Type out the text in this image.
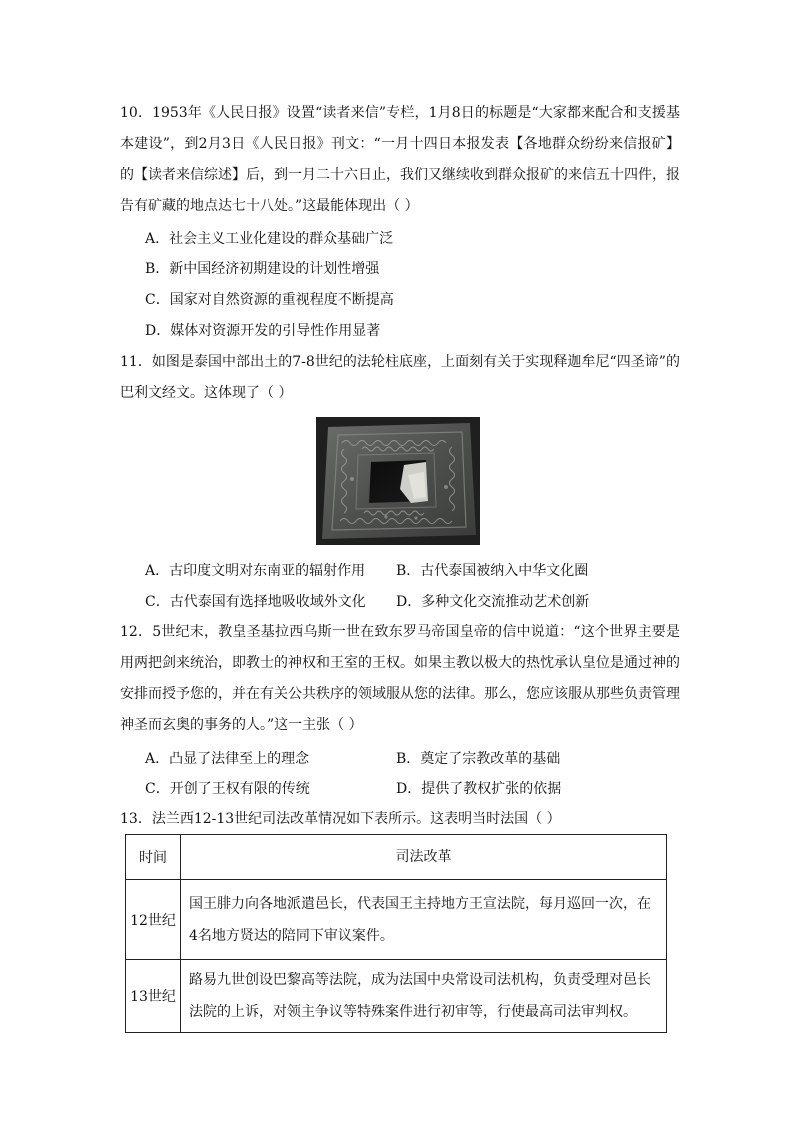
10．1953年《人民日报》设置“读者来信”专栏，1月8日的标题是“大家都来配合和支援基本建设”，到2月3日《人民日报》刊文：“一月十四日本报发表【各地群众纷纷来信报矿】的【读者来信综述】后，到一月二十六日止，我们又继续收到群众报矿的来信五十四件，报告有矿藏的地点达七十八处。”这最能体现出（ ）
A．社会主义工业化建设的群众基础广泛
B．新中国经济初期建设的计划性增强
C．国家对自然资源的重视程度不断提高
D．媒体对资源开发的引导性作用显著
11．如图是泰国中部出土的7-8世纪的法轮柱底座，上面刻有关于实现释迦牟尼“四圣谛”的巴利文经文。这体现了（ ）
A．古印度文明对东南亚的辐射作用 B．古代泰国被纳入中华文化圈
C．古代泰国有选择地吸收域外文化 D．多种文化交流推动艺术创新
12．5世纪末，教皇圣基拉西乌斯一世在致东罗马帝国皇帝的信中说道：“这个世界主要是用两把剑来统治，即教士的神权和王室的王权。如果主教以极大的热忱承认皇位是通过神的安排而授予您的，并在有关公共秩序的领域服从您的法律。那么，您应该服从那些负责管理神圣而玄奥的事务的人。”这一主张（ ）
A．凸显了法律至上的理念	B．奠定了宗教改革的基础
C．开创了王权有限的传统	D．提供了教权扩张的依据
13．法兰西12-13世纪司法改革情况如下表所示。这表明当时法国（ ）
时间	司法改革
12世纪	国王腓力向各地派遣邑长，代表国王主持地方王宣法院，每月巡回一次，在4名地方贤达的陪同下审议案件。
13世纪	路易九世创设巴黎高等法院，成为法国中央常设司法机构，负责受理对邑长法院的上诉，对领主争议等特殊案件进行初审等，行使最高司法审判权。
